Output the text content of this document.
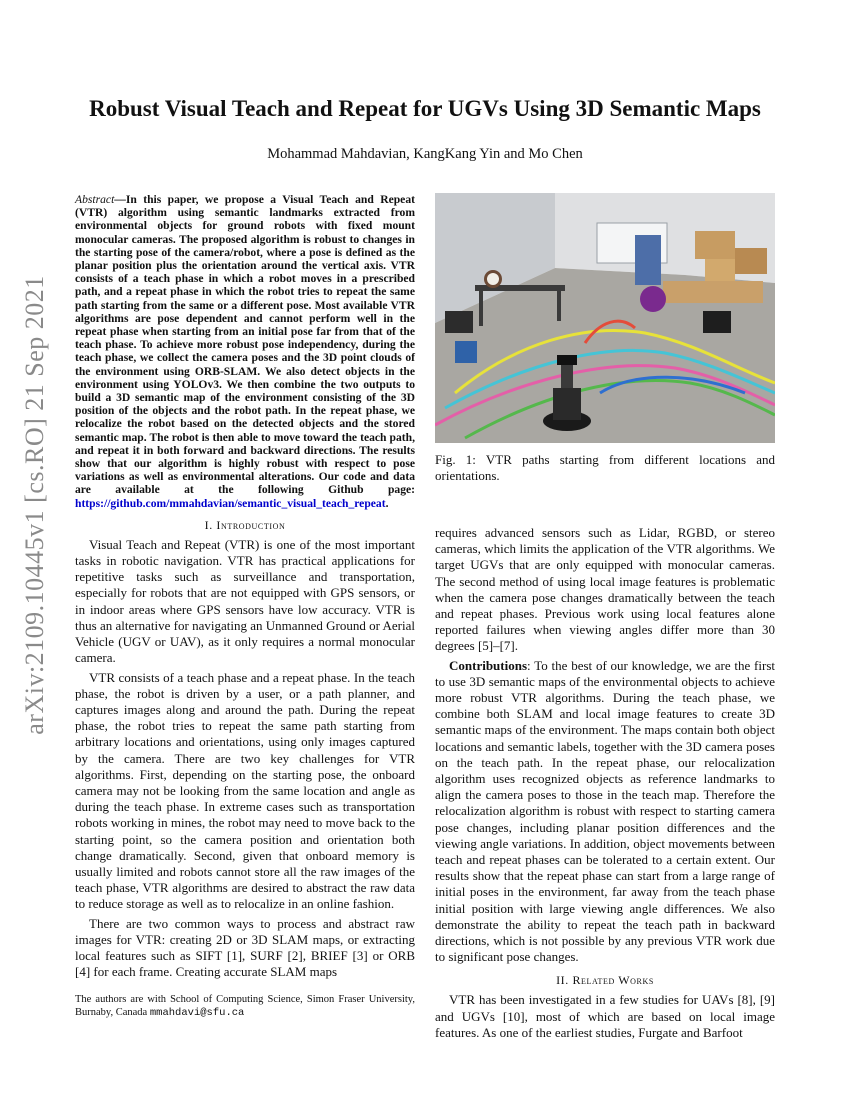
arXiv:2109.10445v1 [cs.RO] 21 Sep 2021
Robust Visual Teach and Repeat for UGVs Using 3D Semantic Maps
Mohammad Mahdavian, KangKang Yin and Mo Chen

Abstract—In this paper, we propose a Visual Teach and Repeat (VTR) algorithm using semantic landmarks extracted from environmental objects for ground robots with fixed mount monocular cameras. The proposed algorithm is robust to changes in the starting pose of the camera/robot, where a pose is defined as the planar position plus the orientation around the vertical axis. VTR consists of a teach phase in which a robot moves in a prescribed path, and a repeat phase in which the robot tries to repeat the same path starting from the same or a different pose. Most available VTR algorithms are pose dependent and cannot perform well in the repeat phase when starting from an initial pose far from that of the teach phase. To achieve more robust pose independency, during the teach phase, we collect the camera poses and the 3D point clouds of the environment using ORB-SLAM. We also detect objects in the environment using YOLOv3. We then combine the two outputs to build a 3D semantic map of the environment consisting of the 3D position of the objects and the robot path. In the repeat phase, we relocalize the robot based on the detected objects and the stored semantic map. The robot is then able to move toward the teach path, and repeat it in both forward and backward directions. The results show that our algorithm is highly robust with respect to pose variations as well as environmental alterations. Our code and data are available at the following Github page: https://github.com/mmahdavian/semantic_visual_teach_repeat.

I. Introduction

Visual Teach and Repeat (VTR) is one of the most important tasks in robotic navigation. VTR has practical applications for repetitive tasks such as surveillance and transportation, especially for robots that are not equipped with GPS sensors, or in indoor areas where GPS sensors have low accuracy. VTR is thus an alternative for navigating an Unmanned Ground or Aerial Vehicle (UGV or UAV), as it only requires a normal monocular camera.

VTR consists of a teach phase and a repeat phase. In the teach phase, the robot is driven by a user, or a path planner, and captures images along and around the path. During the repeat phase, the robot tries to repeat the same path starting from arbitrary locations and orientations, using only images captured by the camera. There are two key challenges for VTR algorithms. First, depending on the starting pose, the onboard camera may not be looking from the same location and angle as during the teach phase. In extreme cases such as transportation robots working in mines, the robot may need to move back to the starting point, so the camera position and orientation both change dramatically. Second, given that onboard memory is usually limited and robots cannot store all the raw images of the teach phase, VTR algorithms are desired to abstract the raw data to reduce storage as well as to relocalize in an online fashion.

There are two common ways to process and abstract raw images for VTR: creating 2D or 3D SLAM maps, or extracting local features such as SIFT [1], SURF [2], BRIEF [3] or ORB [4] for each frame. Creating accurate SLAM maps

The authors are with School of Computing Science, Simon Fraser University, Burnaby, Canada mmahdavi@sfu.ca
Fig. 1: VTR paths starting from different locations and orientations.

requires advanced sensors such as Lidar, RGBD, or stereo cameras, which limits the application of the VTR algorithms. We target UGVs that are only equipped with monocular cameras. The second method of using local image features is problematic when the camera pose changes dramatically between the teach and repeat phases. Previous work using local features alone reported failures when viewing angles differ more than 30 degrees [5]–[7].

Contributions: To the best of our knowledge, we are the first to use 3D semantic maps of the environmental objects to achieve more robust VTR algorithms. During the teach phase, we combine both SLAM and local image features to create 3D semantic maps of the environment. The maps contain both object locations and semantic labels, together with the 3D camera poses on the teach path. In the repeat phase, our relocalization algorithm uses recognized objects as reference landmarks to align the camera poses to those in the teach map. Therefore the relocalization algorithm is robust with respect to starting camera pose changes, including planar position differences and the viewing angle variations. In addition, object movements between teach and repeat phases can be tolerated to a certain extent. Our results show that the repeat phase can start from a large range of initial poses in the environment, far away from the teach phase initial position with large viewing angle differences. We also demonstrate the ability to repeat the teach path in backward directions, which is not possible by any previous VTR work due to significant pose changes.

II. Related Works

VTR has been investigated in a few studies for UAVs [8], [9] and UGVs [10], most of which are based on local image features. As one of the earliest studies, Furgate and Barfoot
